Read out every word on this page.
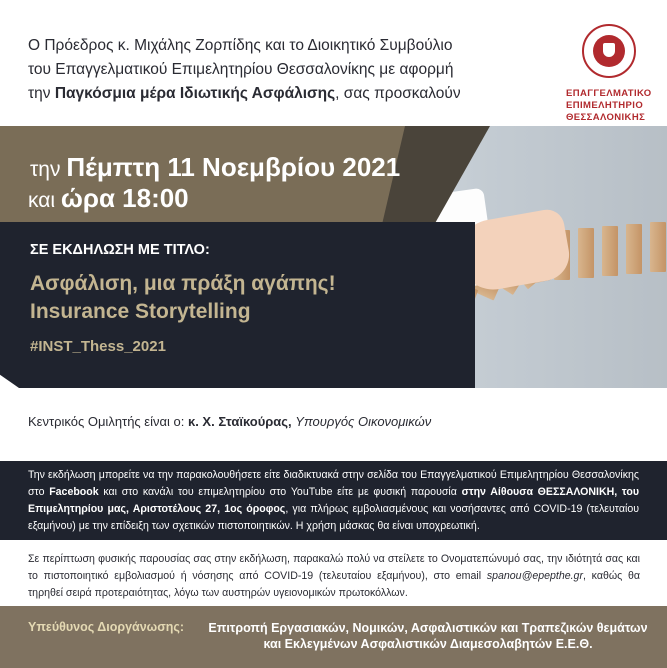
Ο Πρόεδρος κ. Μιχάλης Ζορπίδης και το Διοικητικό Συμβούλιο
του Επαγγελματικού Επιμελητηρίου Θεσσαλονίκης με αφορμή
την Παγκόσμια μέρα Ιδιωτικής Ασφάλισης, σας προσκαλούν	ΕΠΑΓΓΕΛΜΑΤΙΚΟ
ΕΠΙΜΕΛΗΤΗΡΙΟ
ΘΕΣΣΑΛΟΝΙΚΗΣ
την Πέμπτη 11 Νοεμβρίου 2021
και ώρα 18:00
ΣΕ ΕΚΔΗΛΩΣΗ ΜΕ ΤΙΤΛΟ:
Ασφάλιση, μια πράξη αγάπης!
Insurance Storytelling
#INST_Thess_2021
Κεντρικός Ομιλητής είναι ο: κ. Χ. Σταϊκούρας, Υπουργός Οικονομικών

Την εκδήλωση μπορείτε να την παρακολουθήσετε είτε διαδικτυακά στην σελίδα του Επαγγελματικού Επιμελητηρίου Θεσσαλονίκης στο Facebook και στο κανάλι του επιμελητηρίου στο YouTube είτε με φυσική παρουσία στην Αίθουσα ΘΕΣΣΑΛΟΝΙΚΗ, του Επιμελητηρίου μας, Αριστοτέλους 27, 1ος όροφος, για πλήρως εμβολιασμένους και νοσήσαντες από COVID-19 (τελευταίου εξαμήνου) με την επίδειξη των σχετικών πιστοποιητικών. Η χρήση μάσκας θα είναι υποχρεωτική.

Σε περίπτωση φυσικής παρουσίας σας στην εκδήλωση, παρακαλώ πολύ να στείλετε το Ονοματεπώνυμό σας, την ιδιότητά σας και το πιστοποιητικό εμβολιασμού ή νόσησης από COVID-19 (τελευταίου εξαμήνου), στο email spanou@epepthe.gr, καθώς θα τηρηθεί σειρά προτεραιότητας, λόγω των αυστηρών υγειονομικών πρωτοκόλλων.
Υπεύθυνος Διοργάνωσης:	Επιτροπή Εργασιακών, Νομικών, Ασφαλιστικών και Τραπεζικών θεμάτων
και Εκλεγμένων Ασφαλιστικών Διαμεσολαβητών Ε.Ε.Θ.
